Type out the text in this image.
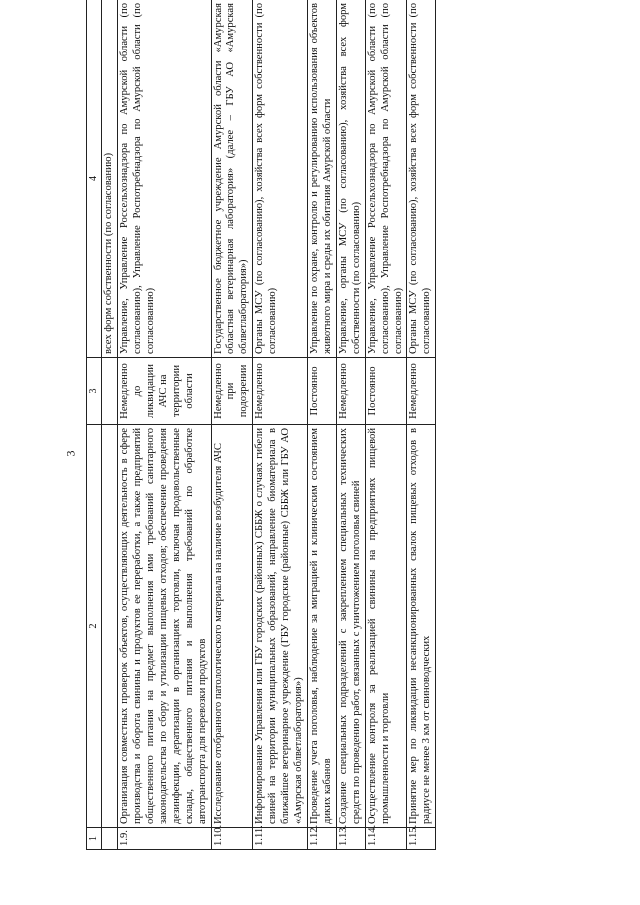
3
1	2	3	4
			всех форм собственности (по согласованию)
1.9.	Организация совместных проверок объектов, осуществляющих деятельность в сфере производства и оборота свинины и продуктов ее переработки, а также предприятий общественного питания на предмет выполнения ими требований санитарного законодательства по сбору и утилизации пищевых отходов; обеспечение проведения дезинфекции, дератизации в организациях торговли, включая продовольственные склады, общественного питания и выполнения требований по обработке автотранспорта для перевозки продуктов	Немедленно до ликвидации АЧС на территории области	Управление, Управление Россельхознадзора по Амурской области (по согласованию), Управление Роспотребнадзора по Амурской области (по согласованию)
1.10.	Исследование отобранного патологического материала на наличие возбудителя АЧС	Немедленно при подозрении	Государственное бюджетное учреждение Амурской области «Амурская областная ветеринарная лаборатория» (далее – ГБУ АО «Амурская облветлаборатория»)
1.11.	Информирование Управления или ГБУ городских (районных) СББЖ о случаях гибели свиней на территории муниципальных образований, направление биоматериала в ближайшее ветеринарное учреждение (ГБУ городские (районные) СББЖ или ГБУ АО «Амурская облветлаборатория»)	Немедленно	Органы МСУ (по согласованию), хозяйства всех форм собственности (по согласованию)
1.12.	Проведение учета поголовья, наблюдение за миграцией и клиническим состоянием диких кабанов	Постоянно	Управление по охране, контролю и регулированию использования объектов животного мира и среды их обитания Амурской области
1.13.	Создание специальных подразделений с закреплением специальных технических средств по проведению работ, связанных с уничтожением поголовья свиней	Немедленно	Управление, органы МСУ (по согласованию), хозяйства всех форм собственности (по согласованию)
1.14.	Осуществление контроля за реализацией свинины на предприятиях пищевой промышленности и торговли	Постоянно	Управление, Управление Россельхознадзора по Амурской области (по согласованию), Управление Роспотребнадзора по Амурской области (по согласованию)
1.15.	Принятие мер по ликвидации несанкционированных свалок пищевых отходов в радиусе не менее 3 км от свиноводческих	Немедленно	Органы МСУ (по согласованию), хозяйства всех форм собственности (по согласованию)
